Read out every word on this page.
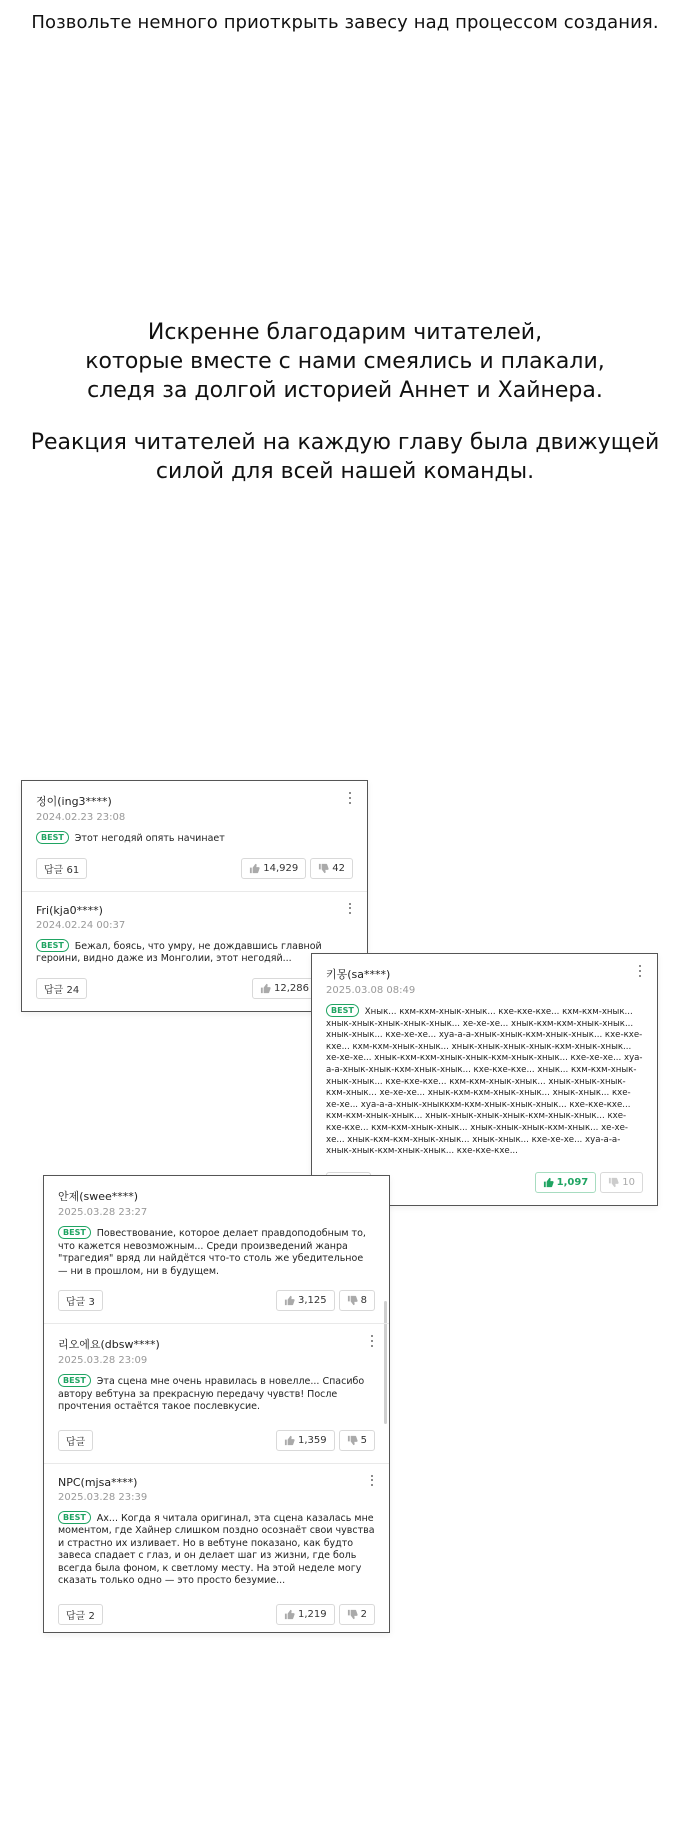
Позвольте немного приоткрыть завесу над процессом создания.

Искренне благодарим читателей,

которые вместе с нами смеялись и плакали,

следя за долгой историей Аннет и Хайнера.

Реакция читателей на каждую главу была движущей

силой для всей нашей команды.

정이(ing3****)
2024.02.23 23:08
BEST Этот негодяй опять начинает
답글 61	14,929	42
Fri(kja0****)
2024.02.24 00:37
BEST Бежал, боясь, что умру, не дождавшись главной героини, видно даже из Монголии, этот негодяй...
답글 24	12,286
키몽(sa****)
2025.03.08 08:49
BEST Хнык... кхм-кхм-хнык-хнык... кхе-кхе-кхе... кхм-кхм-хнык... хнык-хнык-хнык-хнык-хнык... хе-хе-хе... хнык-кхм-кхм-хнык-хнык... хнык-хнык... кхе-хе-хе... хуа-а-а-хнык-хнык-кхм-хнык-хнык... кхе-кхе-кхе... кхм-кхм-хнык-хнык... хнык-хнык-хнык-хнык-кхм-хнык-хнык... хе-хе-хе... хнык-кхм-кхм-хнык-хнык-кхм-хнык-хнык... кхе-хе-хе... хуа-а-а-хнык-хнык-кхм-хнык-хнык... кхе-кхе-кхе... хнык... кхм-кхм-хнык-хнык-хнык... кхе-кхе-кхе... кхм-кхм-хнык-хнык... хнык-хнык-хнык-кхм-хнык... хе-хе-хе... хнык-кхм-кхм-хнык-хнык... хнык-хнык... кхе-хе-хе... хуа-а-а-хнык-хныккхм-кхм-хнык-хнык-хнык... кхе-кхе-кхе... кхм-кхм-хнык-хнык... хнык-хнык-хнык-хнык-кхм-хнык-хнык... кхе-кхе-кхе... кхм-кхм-хнык-хнык... хнык-хнык-хнык-кхм-хнык... хе-хе-хе... хнык-кхм-кхм-хнык-хнык... хнык-хнык... кхе-хе-хе... хуа-а-а-хнык-хнык-кхм-хнык-хнык... кхе-кхе-кхе...
1,097	10
안제(swee****)
2025.03.28 23:27
BEST Повествование, которое делает правдоподобным то, что кажется невозможным... Среди произведений жанра "трагедия" вряд ли найдётся что-то столь же убедительное — ни в прошлом, ни в будущем.
답글 3	3,125	8
리오에요(dbsw****)
2025.03.28 23:09
BEST Эта сцена мне очень нравилась в новелле... Спасибо автору вебтуна за прекрасную передачу чувств! После прочтения остаётся такое послевкусие.
답글	1,359	5
NPC(mjsa****)
2025.03.28 23:39
BEST Ах... Когда я читала оригинал, эта сцена казалась мне моментом, где Хайнер слишком поздно осознаёт свои чувства и страстно их изливает. Но в вебтуне показано, как будто завеса спадает с глаз, и он делает шаг из жизни, где боль всегда была фоном, к светлому месту. На этой неделе могу сказать только одно — это просто безумие...
답글 2	1,219	2
